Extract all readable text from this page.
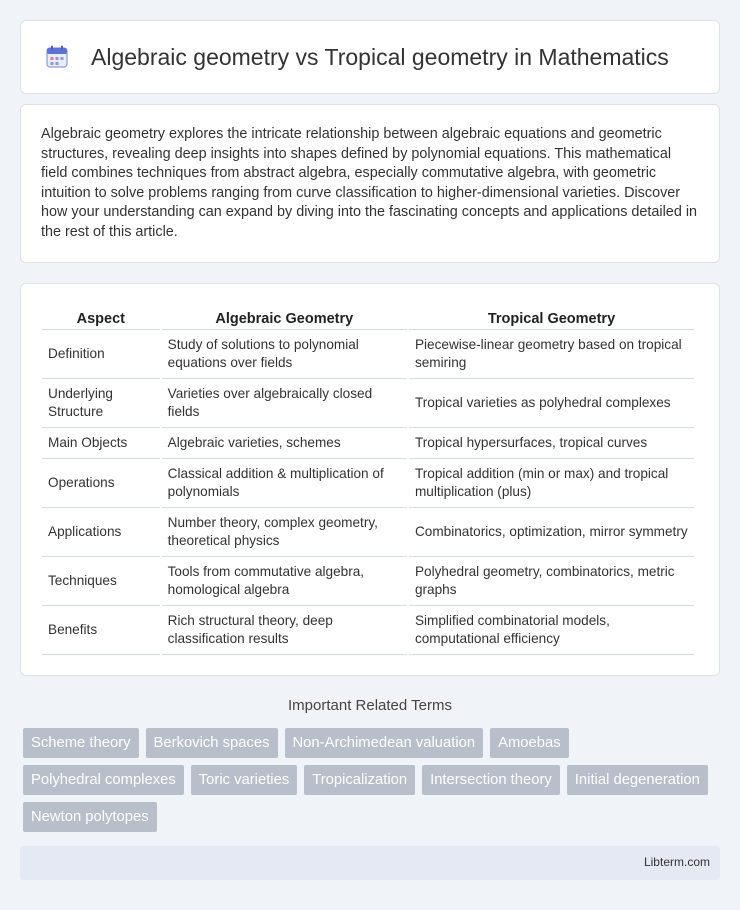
Algebraic geometry vs Tropical geometry in Mathematics

Algebraic geometry explores the intricate relationship between algebraic equations and geometric structures, revealing deep insights into shapes defined by polynomial equations. This mathematical field combines techniques from abstract algebra, especially commutative algebra, with geometric intuition to solve problems ranging from curve classification to higher-dimensional varieties. Discover how your understanding can expand by diving into the fascinating concepts and applications detailed in the rest of this article.

Aspect	Algebraic Geometry	Tropical Geometry
Definition	Study of solutions to polynomial equations over fields	Piecewise-linear geometry based on tropical semiring
Underlying Structure	Varieties over algebraically closed fields	Tropical varieties as polyhedral complexes
Main Objects	Algebraic varieties, schemes	Tropical hypersurfaces, tropical curves
Operations	Classical addition & multiplication of polynomials	Tropical addition (min or max) and tropical multiplication (plus)
Applications	Number theory, complex geometry, theoretical physics	Combinatorics, optimization, mirror symmetry
Techniques	Tools from commutative algebra, homological algebra	Polyhedral geometry, combinatorics, metric graphs
Benefits	Rich structural theory, deep classification results	Simplified combinatorial models, computational efficiency
Important Related Terms
Scheme theory	Berkovich spaces	Non-Archimedean valuation	Amoebas
Polyhedral complexes	Toric varieties	Tropicalization	Intersection theory	Initial degeneration
Newton polytopes
Libterm.com
